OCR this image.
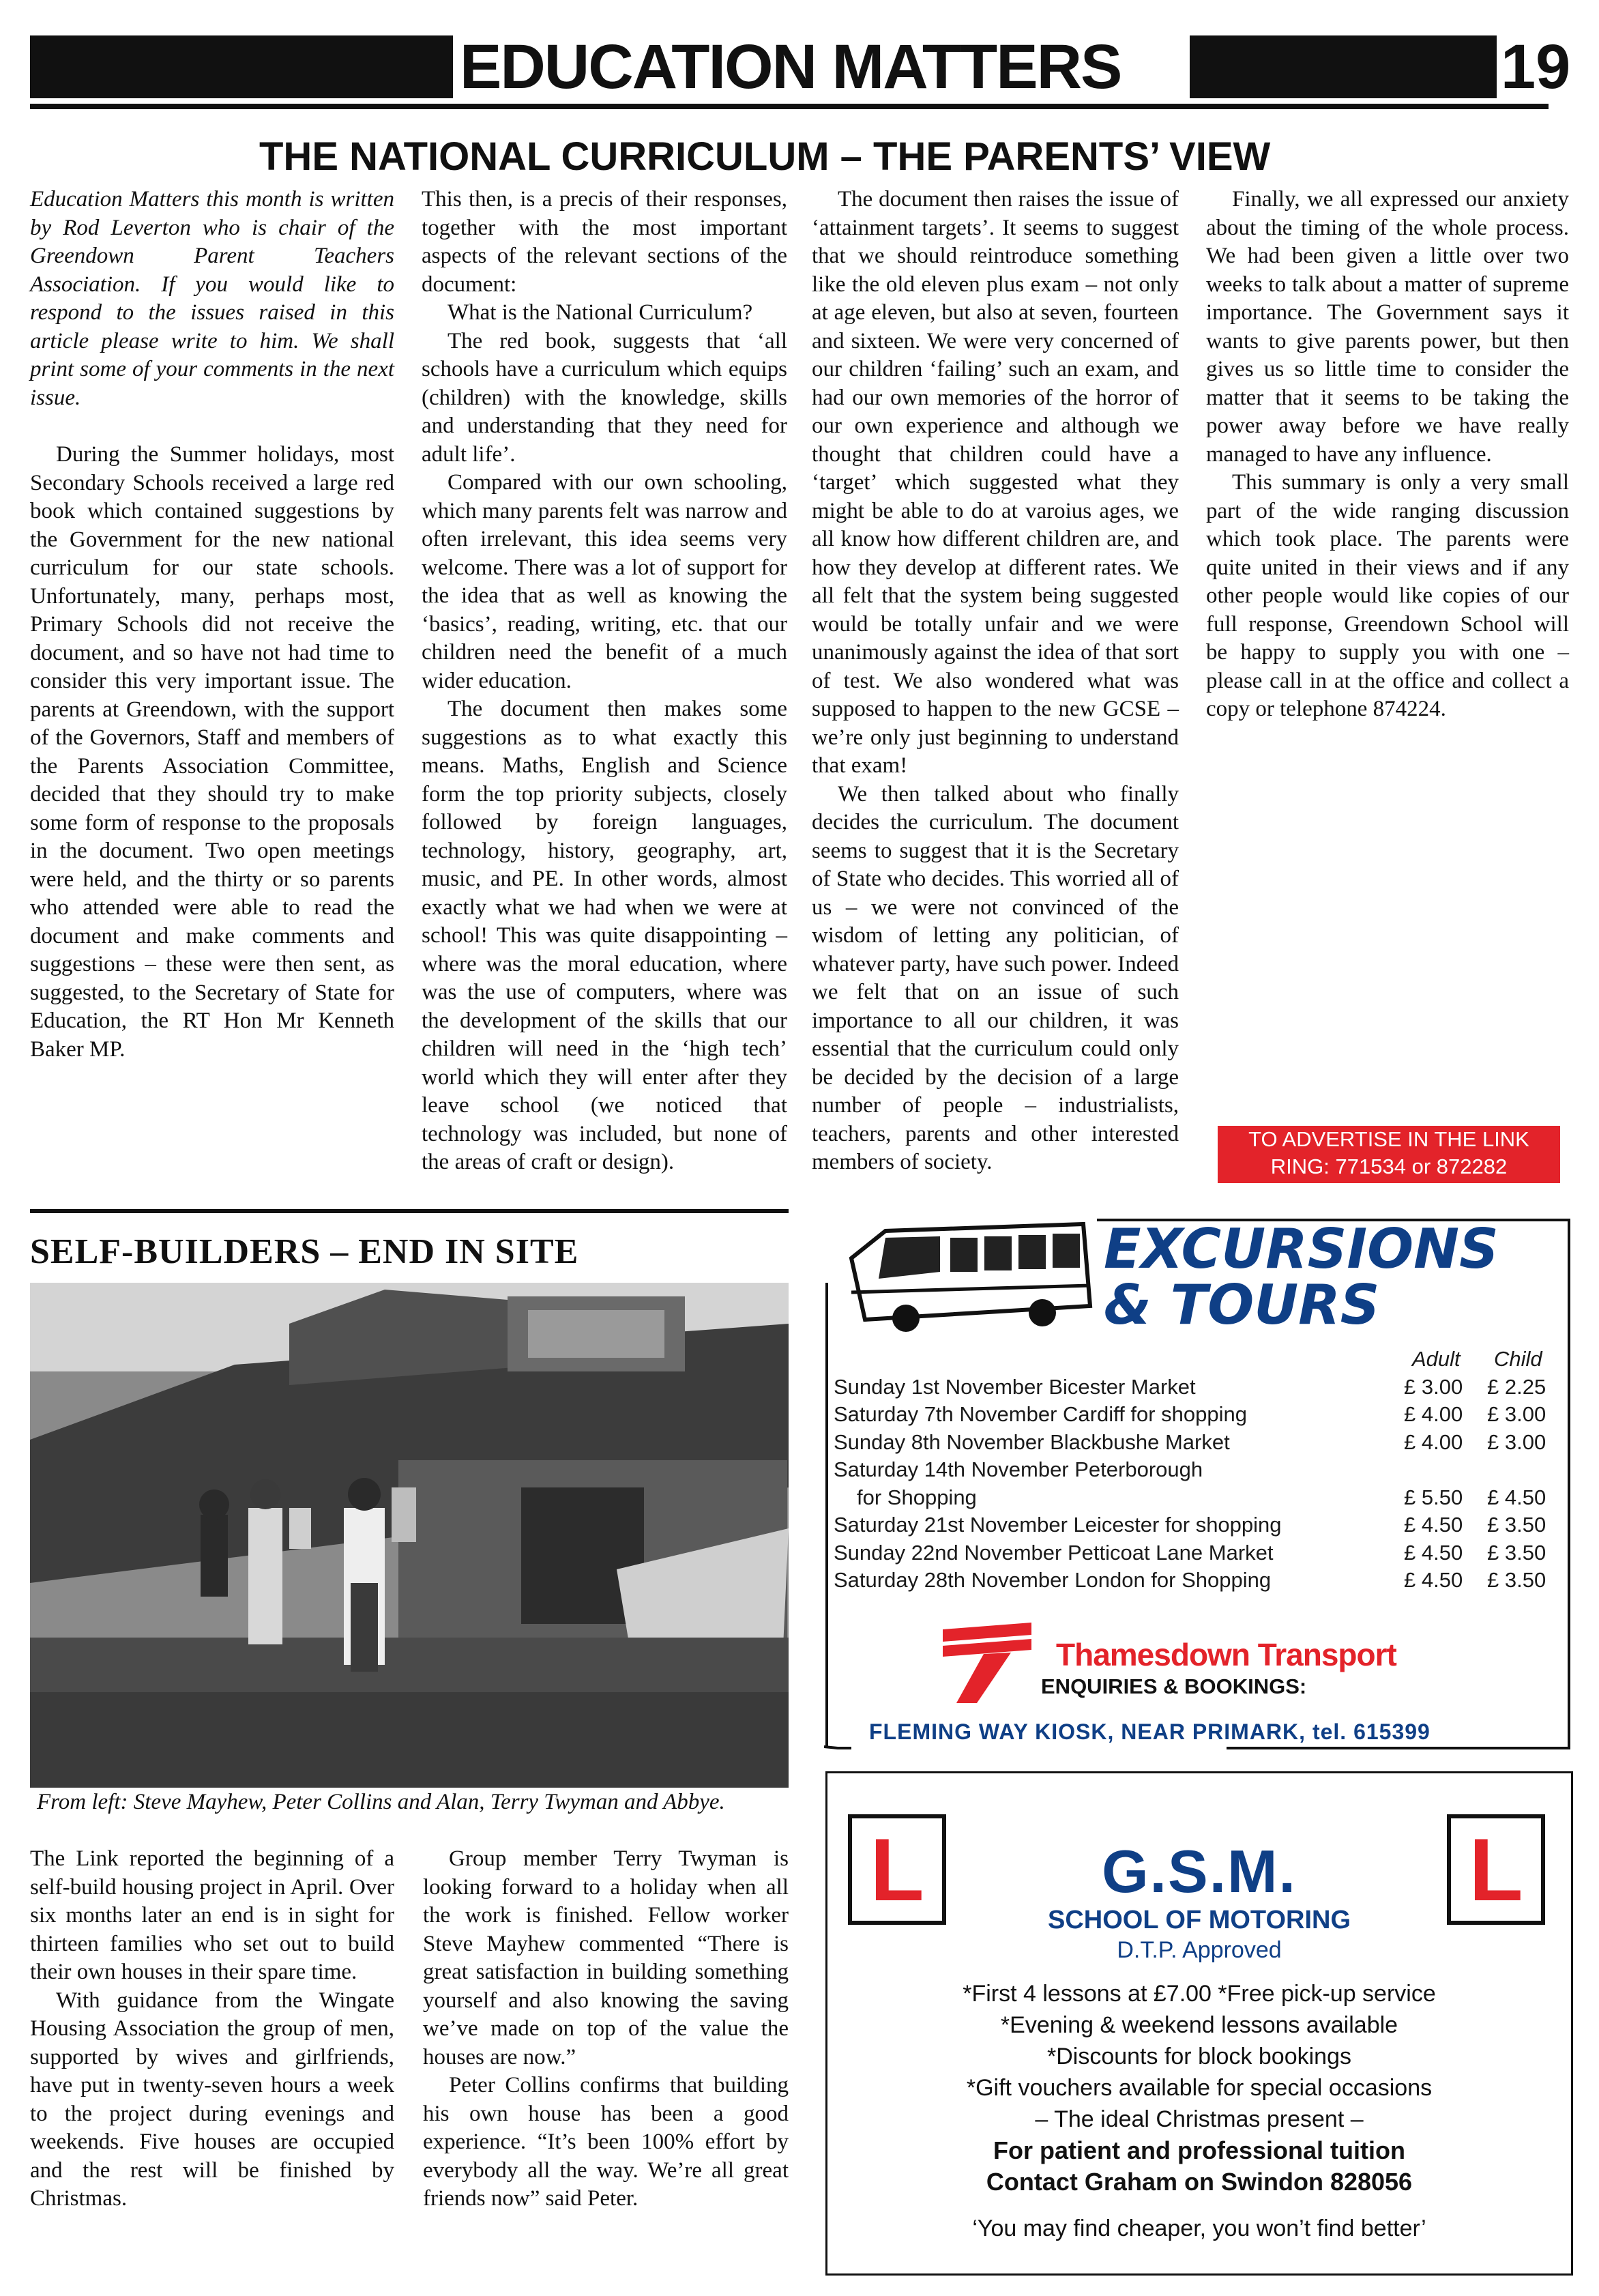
EDUCATION MATTERS	19
THE NATIONAL CURRICULUM – THE PARENTS’ VIEW

Education Matters this month is written by Rod Leverton who is chair of the Greendown Parent Teachers Association. If you would like to respond to the issues raised in this article please write to him. We shall print some of your comments in the next issue.

During the Summer holidays, most Secondary Schools received a large red book which contained suggestions by the Government for the new national curriculum for our state schools. Unfortunately, many, perhaps most, Primary Schools did not receive the document, and so have not had time to consider this very important issue. The parents at Greendown, with the support of the Governors, Staff and members of the Parents Association Committee, decided that they should try to make some form of response to the proposals in the document. Two open meetings were held, and the thirty or so parents who attended were able to read the document and make comments and suggestions – these were then sent, as suggested, to the Secretary of State for Education, the RT Hon Mr Kenneth Baker MP.

This then, is a precis of their responses, together with the most important aspects of the relevant sections of the document:

What is the National Curriculum?

The red book, suggests that ‘all schools have a curriculum which equips (children) with the knowledge, skills and understanding that they need for adult life’.

Compared with our own schooling, which many parents felt was narrow and often irrelevant, this idea seems very welcome. There was a lot of support for the idea that as well as knowing the ‘basics’, reading, writing, etc. that our children need the benefit of a much wider education.

The document then makes some suggestions as to what exactly this means. Maths, English and Science form the top priority subjects, closely followed by foreign languages, technology, history, geography, art, music, and PE. In other words, almost exactly what we had when we were at school! This was quite disappointing – where was the moral education, where was the use of computers, where was the development of the skills that our children will need in the ‘high tech’ world which they will enter after they leave school (we noticed that technology was included, but none of the areas of craft or design).

The document then raises the issue of ‘attainment targets’. It seems to suggest that we should reintroduce something like the old eleven plus exam – not only at age eleven, but also at seven, fourteen and sixteen. We were very concerned of our children ‘failing’ such an exam, and had our own memories of the horror of our own experience and although we thought that children could have a ‘target’ which suggested what they might be able to do at varoius ages, we all know how different children are, and how they develop at different rates. We all felt that the system being suggested would be totally unfair and we were unanimously against the idea of that sort of test. We also wondered what was supposed to happen to the new GCSE – we’re only just beginning to understand that exam!

We then talked about who finally decides the curriculum. The document seems to suggest that it is the Secretary of State who decides. This worried all of us – we were not convinced of the wisdom of letting any politician, of whatever party, have such power. Indeed we felt that on an issue of such importance to all our children, it was essential that the curriculum could only be decided by the decision of a large number of people – industrialists, teachers, parents and other interested members of society.

Finally, we all expressed our anxiety about the timing of the whole process. We had been given a little over two weeks to talk about a matter of supreme importance. The Government says it wants to give parents power, but then gives us so little time to consider the matter that it seems to be taking the power away before we have really managed to have any influence.

This summary is only a very small part of the wide ranging discussion which took place. The parents were quite united in their views and if any other people would like copies of our full response, Greendown School will be happy to supply you with one – please call in at the office and collect a copy or telephone 874224.

TO ADVERTISE IN THE LINK
RING: 771534 or 872282
SELF-BUILDERS – END IN SITE
From left: Steve Mayhew, Peter Collins and Alan, Terry Twyman and Abbye.

The Link reported the beginning of a self-build housing project in April. Over six months later an end is in sight for thirteen families who set out to build their own houses in their spare time.

With guidance from the Wingate Housing Association the group of men, supported by wives and girlfriends, have put in twenty-seven hours a week to the project during evenings and weekends. Five houses are occupied and the rest will be finished by Christmas.

Group member Terry Twyman is looking forward to a holiday when all the work is finished. Fellow worker Steve Mayhew commented “There is great satisfaction in building something yourself and also knowing the saving we’ve made on top of the value the houses are now.”

Peter Collins confirms that building his own house has been a good experience. “It’s been 100% effort by everybody all the way. We’re all great friends now” said Peter.

EXCURSIONS
& TOURS
Adult Child
Sunday 1st November Bicester Market	£ 3.00 £ 2.25
Saturday 7th November Cardiff for shopping	£ 4.00 £ 3.00
Sunday 8th November Blackbushe Market	£ 4.00 £ 3.00
Saturday 14th November Peterborough
for Shopping	£ 5.50 £ 4.50
Saturday 21st November Leicester for shopping	£ 4.50 £ 3.50
Sunday 22nd November Petticoat Lane Market	£ 4.50 £ 3.50
Saturday 28th November London for Shopping	£ 4.50 £ 3.50
Thamesdown Transport
ENQUIRIES & BOOKINGS:
FLEMING WAY KIOSK, NEAR PRIMARK, tel. 615399
L	L
G.S.M.
SCHOOL OF MOTORING
D.T.P. Approved
*First 4 lessons at £7.00 *Free pick-up service
*Evening & weekend lessons available
*Discounts for block bookings
*Gift vouchers available for special occasions
– The ideal Christmas present –
For patient and professional tuition
Contact Graham on Swindon 828056
‘You may find cheaper, you won’t find better’
